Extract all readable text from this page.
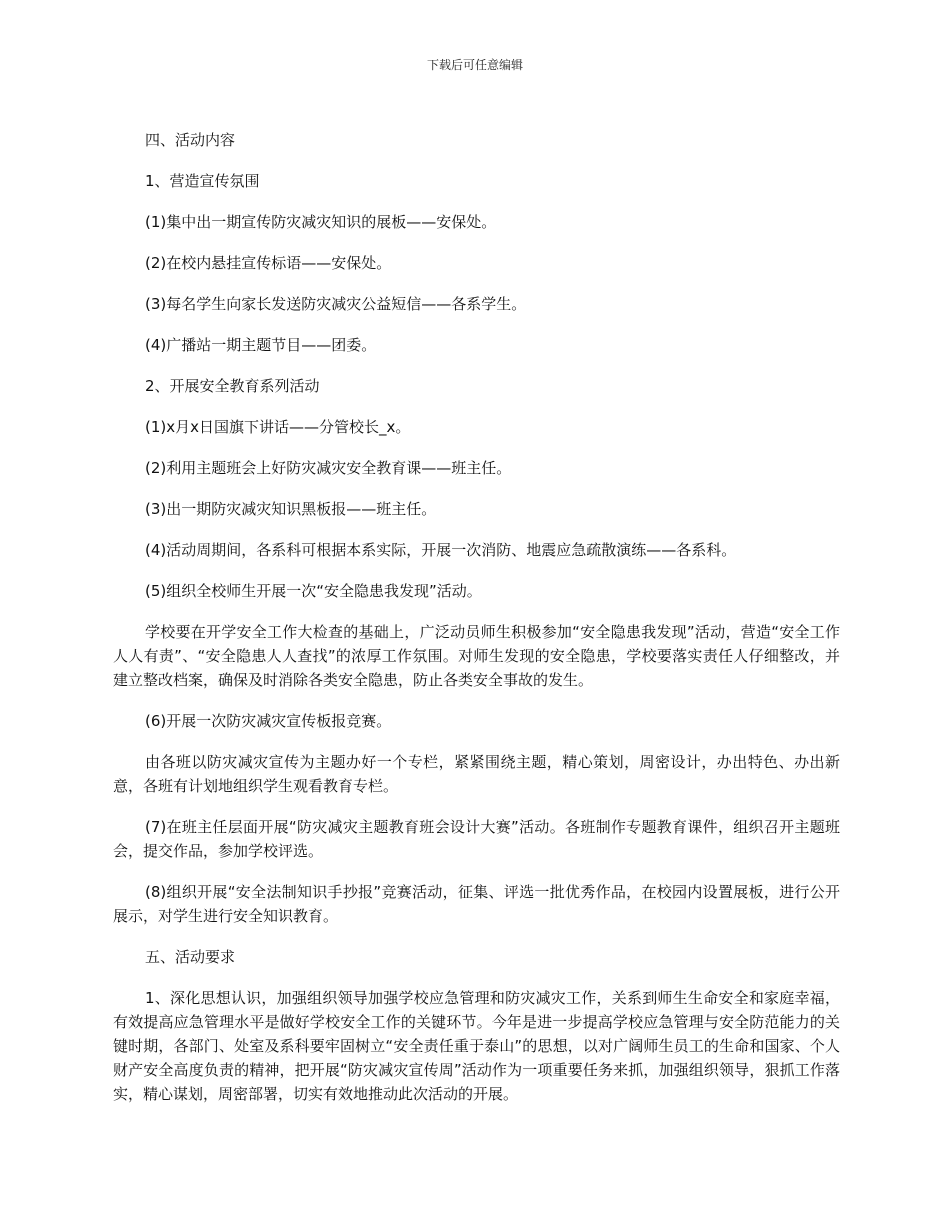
下载后可任意编辑

四、活动内容

1、营造宣传氛围

(1)集中出一期宣传防灾减灾知识的展板——安保处。

(2)在校内悬挂宣传标语——安保处。

(3)每名学生向家长发送防灾减灾公益短信——各系学生。

(4)广播站一期主题节目——团委。

2、开展安全教育系列活动

(1)x月x日国旗下讲话——分管校长_x。

(2)利用主题班会上好防灾减灾安全教育课——班主任。

(3)出一期防灾减灾知识黑板报——班主任。

(4)活动周期间，各系科可根据本系实际，开展一次消防、地震应急疏散演练——各系科。

(5)组织全校师生开展一次“安全隐患我发现”活动。

学校要在开学安全工作大检查的基础上，广泛动员师生积极参加“安全隐患我发现”活动，营造“安全工作人人有责”、“安全隐患人人查找”的浓厚工作氛围。对师生发现的安全隐患，学校要落实责任人仔细整改，并建立整改档案，确保及时消除各类安全隐患，防止各类安全事故的发生。

(6)开展一次防灾减灾宣传板报竞赛。

由各班以防灾减灾宣传为主题办好一个专栏，紧紧围绕主题，精心策划，周密设计，办出特色、办出新意，各班有计划地组织学生观看教育专栏。

(7)在班主任层面开展“防灾减灾主题教育班会设计大赛”活动。各班制作专题教育课件，组织召开主题班会，提交作品，参加学校评选。

(8)组织开展“安全法制知识手抄报”竞赛活动，征集、评选一批优秀作品，在校园内设置展板，进行公开展示，对学生进行安全知识教育。

五、活动要求

1、深化思想认识，加强组织领导加强学校应急管理和防灾减灾工作，关系到师生生命安全和家庭幸福，有效提高应急管理水平是做好学校安全工作的关键环节。今年是进一步提高学校应急管理与安全防范能力的关键时期，各部门、处室及系科要牢固树立“安全责任重于泰山”的思想，以对广阔师生员工的生命和国家、个人财产安全高度负责的精神，把开展“防灾减灾宣传周”活动作为一项重要任务来抓，加强组织领导，狠抓工作落实，精心谋划，周密部署，切实有效地推动此次活动的开展。
